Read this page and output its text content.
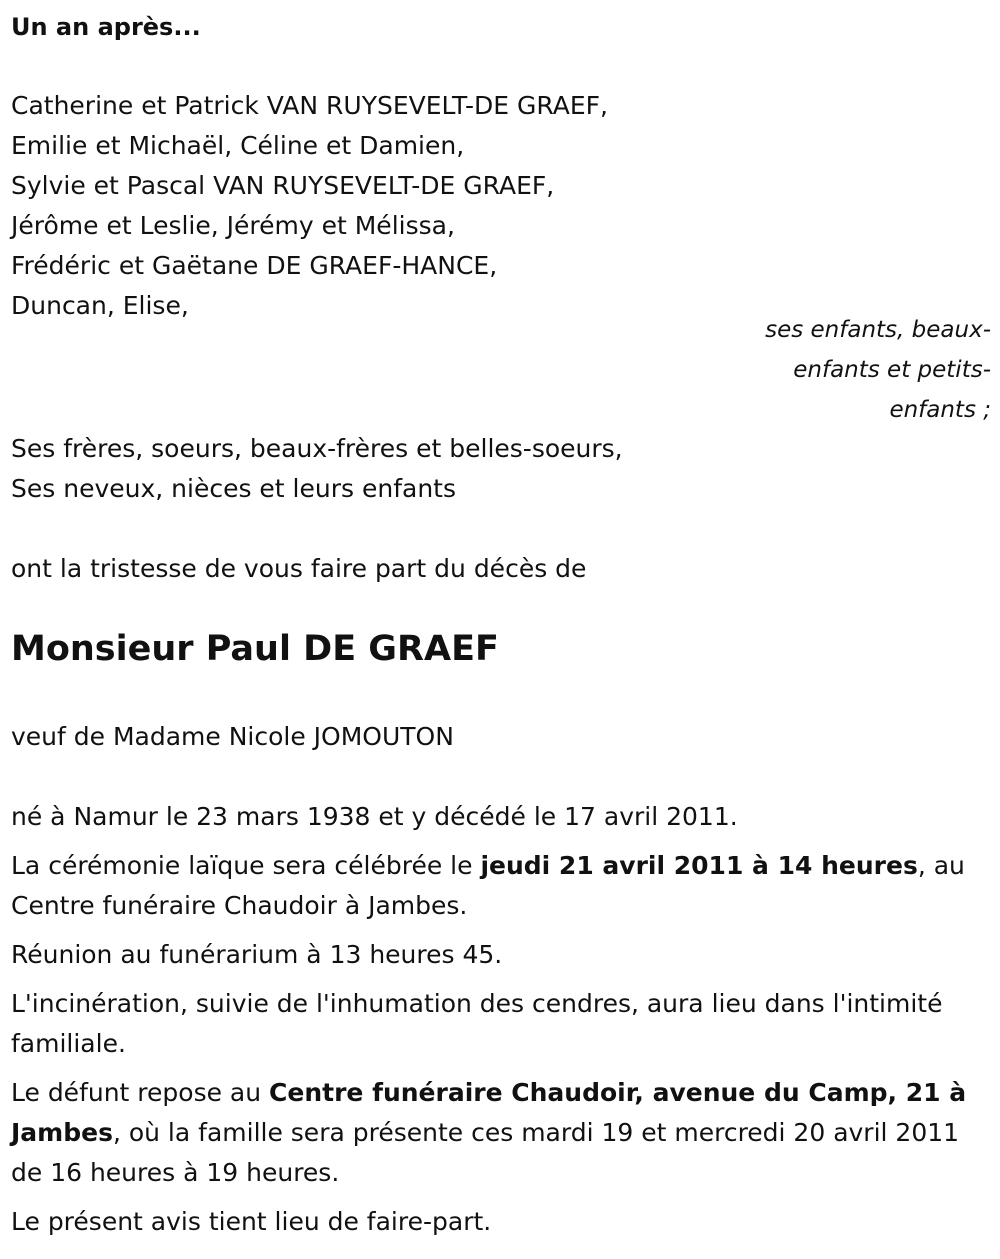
Un an après...
Catherine et Patrick VAN RUYSEVELT-DE GRAEF,
Emilie et Michaël, Céline et Damien,
Sylvie et Pascal VAN RUYSEVELT-DE GRAEF,
Jérôme et Leslie, Jérémy et Mélissa,
Frédéric et Gaëtane DE GRAEF-HANCE,
Duncan, Elise,
ses enfants, beaux-
enfants et petits-
enfants ;
Ses frères, soeurs, beaux-frères et belles-soeurs,
Ses neveux, nièces et leurs enfants
ont la tristesse de vous faire part du décès de
Monsieur Paul DE GRAEF
veuf de Madame Nicole JOMOUTON

né à Namur le 23 mars 1938 et y décédé le 17 avril 2011.

La cérémonie laïque sera célébrée le jeudi 21 avril 2011 à 14 heures, au Centre funéraire Chaudoir à Jambes.

Réunion au funérarium à 13 heures 45.

L'incinération, suivie de l'inhumation des cendres, aura lieu dans l'intimité familiale.

Le défunt repose au Centre funéraire Chaudoir, avenue du Camp, 21 à Jambes, où la famille sera présente ces mardi 19 et mercredi 20 avril 2011 de 16 heures à 19 heures.

Le présent avis tient lieu de faire-part.
